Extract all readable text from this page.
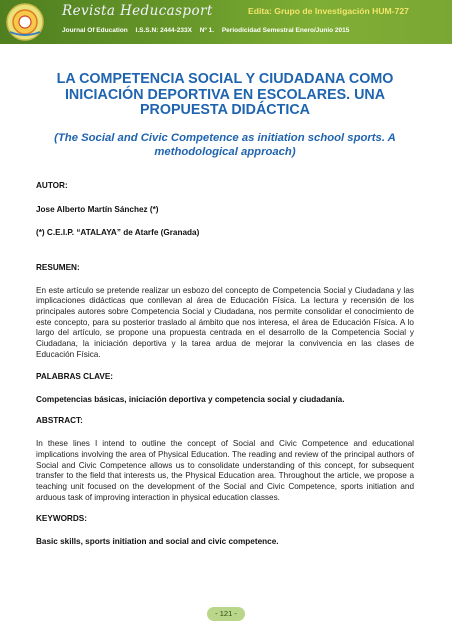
Revista Heducasport	Edita: Grupo de Investigación HUM-727
Journal Of Education I.S.S.N: 2444-233X Nº 1. Periodicidad Semestral Enero/Junio 2015
LA COMPETENCIA SOCIAL Y CIUDADANA COMO INICIACIÓN DEPORTIVA EN ESCOLARES. UNA PROPUESTA DIDÁCTICA

(The Social and Civic Competence as initiation school sports. A methodological approach)

AUTOR:

Jose Alberto Martín Sánchez (*)

(*) C.E.I.P. “ATALAYA” de Atarfe (Granada)

RESUMEN:

En este artículo se pretende realizar un esbozo del concepto de Competencia Social y Ciudadana y las implicaciones didácticas que conllevan al área de Educación Física. La lectura y recensión de los principales autores sobre Competencia Social y Ciudadana, nos permite consolidar el conocimiento de este concepto, para su posterior traslado al ámbito que nos interesa, el área de Educación Física. A lo largo del artículo, se propone una propuesta centrada en el desarrollo de la Competencia Social y Ciudadana, la iniciación deportiva y la tarea ardua de mejorar la convivencia en las clases de Educación Física.

PALABRAS CLAVE:

Competencias básicas, iniciación deportiva y competencia social y ciudadanía.

ABSTRACT:

In these lines I intend to outline the concept of Social and Civic Competence and educational implications involving the area of Physical Education. The reading and review of the principal authors of Social and Civic Competence allows us to consolidate understanding of this concept, for subsequent transfer to the field that interests us, the Physical Education area. Throughout the article, we propose a teaching unit focused on the development of the Social and Civic Competence, sports initiation and arduous task of improving interaction in physical education classes.

KEYWORDS:

Basic skills, sports initiation and social and civic competence.

- 121 -
